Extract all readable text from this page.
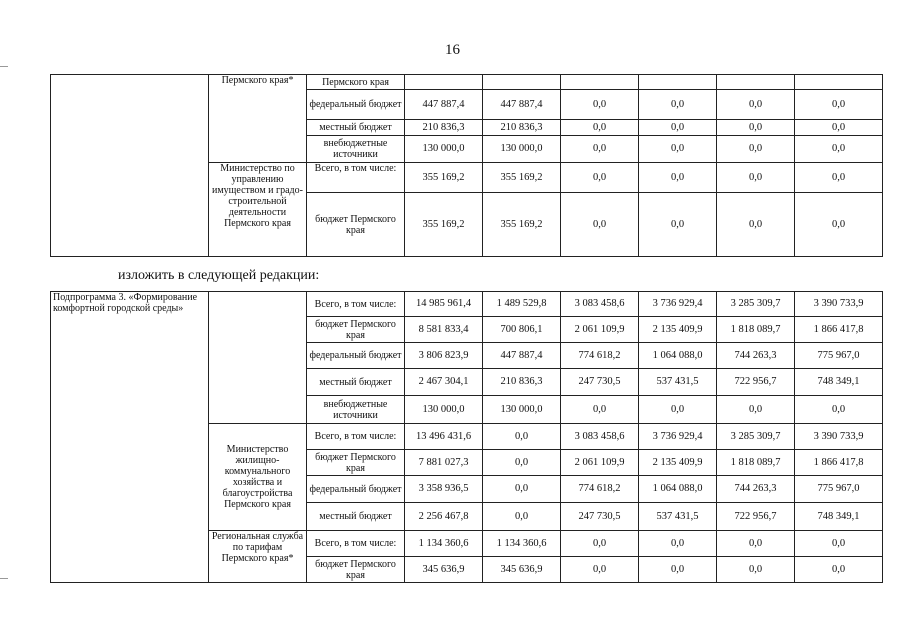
16
	Пермского края*	Пермского края						
		федеральный бюджет	447 887,4	447 887,4	0,0	0,0	0,0	0,0
		местный бюджет	210 836,3	210 836,3	0,0	0,0	0,0	0,0
		внебюджетные источники	130 000,0	130 000,0	0,0	0,0	0,0	0,0
	Министерство по управлению имуществом и градо-строительной деятельности Пермского края	Всего, в том числе:	355 169,2	355 169,2	0,0	0,0	0,0	0,0
		бюджет Пермского края	355 169,2	355 169,2	0,0	0,0	0,0	0,0
изложить в следующей редакции:
Подпрограмма 3. «Формирование комфортной городской среды»		Всего, в том числе:	14 985 961,4	1 489 529,8	3 083 458,6	3 736 929,4	3 285 309,7	3 390 733,9
		бюджет Пермского края	8 581 833,4	700 806,1	2 061 109,9	2 135 409,9	1 818 089,7	1 866 417,8
		федеральный бюджет	3 806 823,9	447 887,4	774 618,2	1 064 088,0	744 263,3	775 967,0
		местный бюджет	2 467 304,1	210 836,3	247 730,5	537 431,5	722 956,7	748 349,1
		внебюджетные источники	130 000,0	130 000,0	0,0	0,0	0,0	0,0
	Министерство жилищно-коммунального хозяйства и благоустройства Пермского края	Всего, в том числе:	13 496 431,6	0,0	3 083 458,6	3 736 929,4	3 285 309,7	3 390 733,9
		бюджет Пермского края	7 881 027,3	0,0	2 061 109,9	2 135 409,9	1 818 089,7	1 866 417,8
		федеральный бюджет	3 358 936,5	0,0	774 618,2	1 064 088,0	744 263,3	775 967,0
		местный бюджет	2 256 467,8	0,0	247 730,5	537 431,5	722 956,7	748 349,1
	Региональная служба по тарифам Пермского края*	Всего, в том числе:	1 134 360,6	1 134 360,6	0,0	0,0	0,0	0,0
		бюджет Пермского края	345 636,9	345 636,9	0,0	0,0	0,0	0,0
